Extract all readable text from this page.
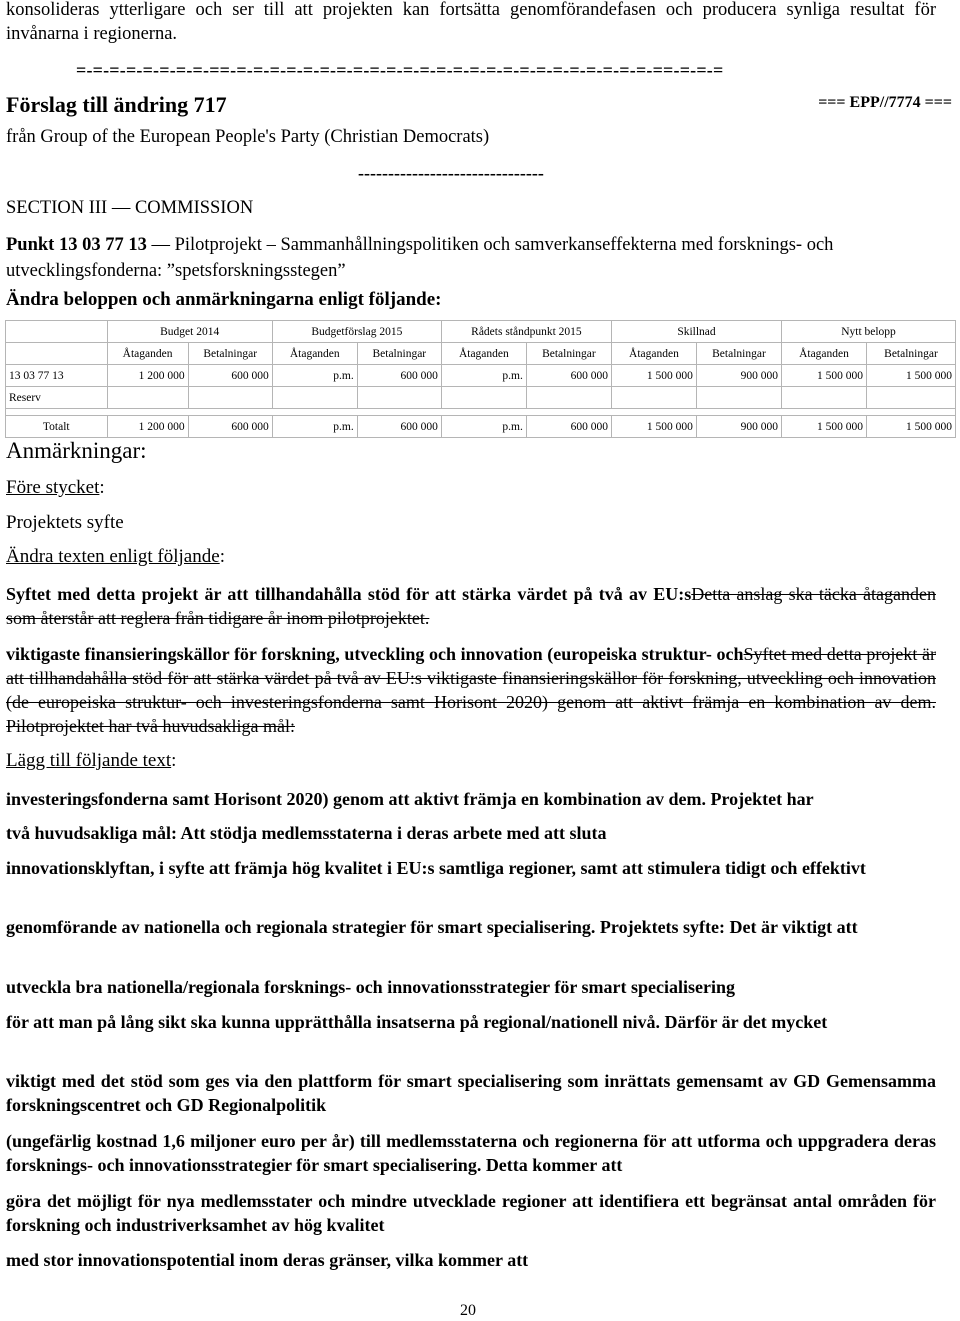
konsolideras ytterligare och ser till att projekten kan fortsätta genomförandefasen och producera synliga resultat för invånarna i regionerna.
=-=-=-=-=-=-=-=-==-=-=-=-=-=-=-=-=-=-=-=-=-=-=-=-=-=-=-=-=-=-=-=-=-=-==-=-=-=
Förslag till ändring 717	=== EPP//7774 ===
från Group of the European People's Party (Christian Democrats)
-------------------------------
SECTION III — COMMISSION
Punkt 13 03 77 13 — Pilotprojekt – Sammanhållningspolitiken och samverkanseffekterna med forsknings- och utvecklingsfonderna: ”spetsforskningsstegen”
Ändra beloppen och anmärkningarna enligt följande:
	Budget 2014		Budgetförslag 2015		Rådets ståndpunkt 2015		Skillnad		Nytt belopp	
	Åtaganden	Betalningar	Åtaganden	Betalningar	Åtaganden	Betalningar	Åtaganden	Betalningar	Åtaganden	Betalningar
13 03 77 13	1 200 000	600 000	p.m.	600 000	p.m.	600 000	1 500 000	900 000	1 500 000	1 500 000
Reserv										

Totalt	1 200 000	600 000	p.m.	600 000	p.m.	600 000	1 500 000	900 000	1 500 000	1 500 000
Anmärkningar:
Före stycket:
Projektets syfte
Ändra texten enligt följande:
Syftet med detta projekt är att tillhandahålla stöd för att stärka värdet på två av EU:sDetta anslag ska täcka åtaganden som återstår att reglera från tidigare år inom pilotprojektet.
viktigaste finansieringskällor för forskning, utveckling och innovation (europeiska struktur- ochSyftet med detta projekt är att tillhandahålla stöd för att stärka värdet på två av EU:s viktigaste finansieringskällor för forskning, utveckling och innovation (de europeiska struktur- och investeringsfonderna samt Horisont 2020) genom att aktivt främja en kombination av dem. Pilotprojektet har två huvudsakliga mål:
Lägg till följande text:
investeringsfonderna samt Horisont 2020) genom att aktivt främja en kombination av dem. Projektet har
två huvudsakliga mål: Att stödja medlemsstaterna i deras arbete med att sluta
innovationsklyftan, i syfte att främja hög kvalitet i EU:s samtliga regioner, samt att stimulera tidigt och effektivt
genomförande av nationella och regionala strategier för smart specialisering. Projektets syfte: Det är viktigt att
utveckla bra nationella/regionala forsknings- och innovationsstrategier för smart specialisering
för att man på lång sikt ska kunna upprätthålla insatserna på regional/nationell nivå. Därför är det mycket
viktigt med det stöd som ges via den plattform för smart specialisering som inrättats gemensamt av GD Gemensamma forskningscentret och GD Regionalpolitik
(ungefärlig kostnad 1,6 miljoner euro per år) till medlemsstaterna och regionerna för att utforma och uppgradera deras forsknings- och innovationsstrategier för smart specialisering. Detta kommer att
göra det möjligt för nya medlemsstater och mindre utvecklade regioner att identifiera ett begränsat antal områden för forskning och industriverksamhet av hög kvalitet
med stor innovationspotential inom deras gränser, vilka kommer att
20
